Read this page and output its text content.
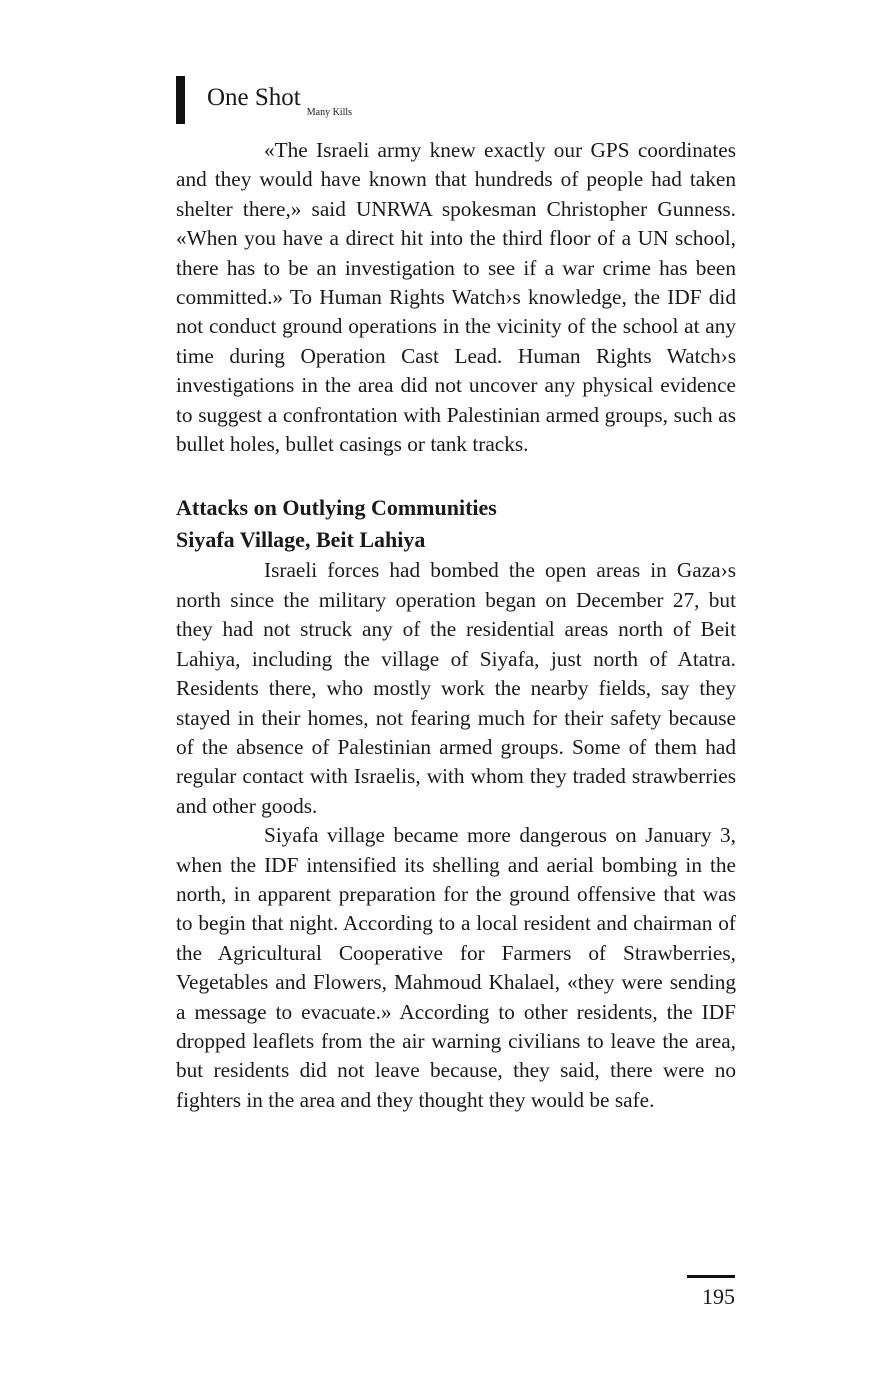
One Shot$_{Many Kills}$

«The Israeli army knew exactly our GPS coordinates and they would have known that hundreds of people had taken shelter there,» said UNRWA spokesman Christopher Gunness. «When you have a direct hit into the third floor of a UN school, there has to be an investigation to see if a war crime has been committed.» To Human Rights Watch›s knowledge, the IDF did not conduct ground operations in the vicinity of the school at any time during Operation Cast Lead. Human Rights Watch›s investigations in the area did not uncover any physical evidence to suggest a confrontation with Palestinian armed groups, such as bullet holes, bullet casings or tank tracks.

Attacks on Outlying Communities
Siyafa Village, Beit Lahiya

Israeli forces had bombed the open areas in Gaza›s north since the military operation began on December 27, but they had not struck any of the residential areas north of Beit Lahiya, including the village of Siyafa, just north of Atatra. Residents there, who mostly work the nearby fields, say they stayed in their homes, not fearing much for their safety because of the absence of Palestinian armed groups. Some of them had regular contact with Israelis, with whom they traded strawberries and other goods.

Siyafa village became more dangerous on January 3, when the IDF intensified its shelling and aerial bombing in the north, in apparent preparation for the ground offensive that was to begin that night. According to a local resident and chairman of the Agricultural Cooperative for Farmers of Strawberries, Vegetables and Flowers, Mahmoud Khalael, «they were sending a message to evacuate.» According to other residents, the IDF dropped leaflets from the air warning civilians to leave the area, but residents did not leave because, they said, there were no fighters in the area and they thought they would be safe.

195
